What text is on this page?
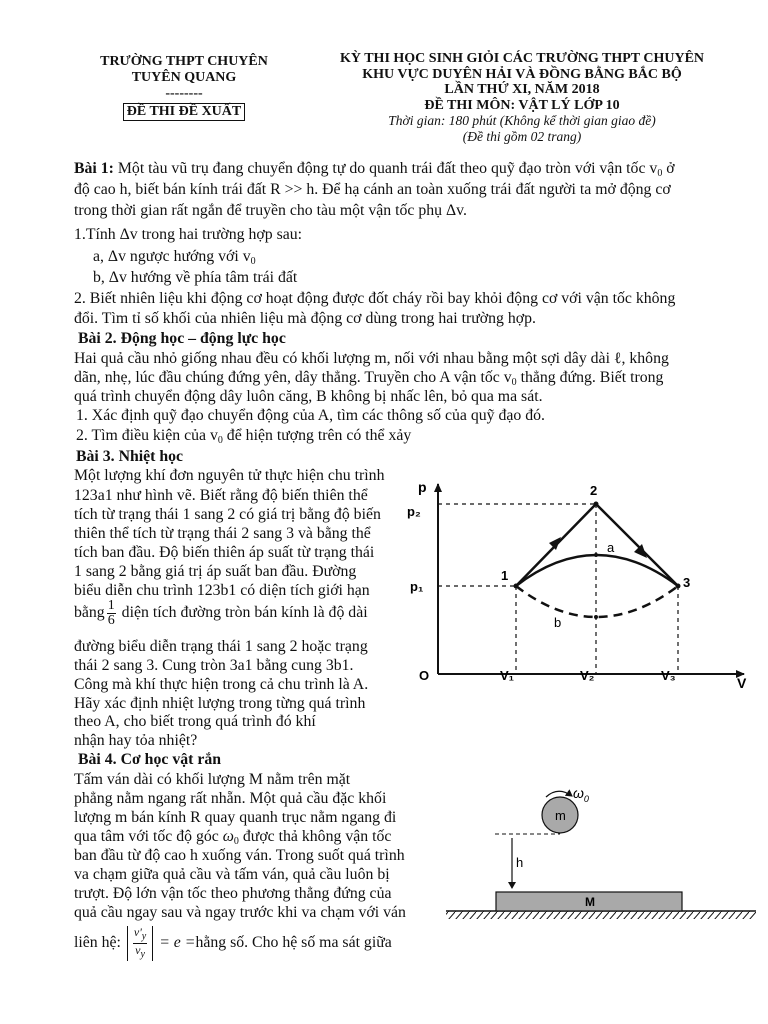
TRƯỜNG THPT CHUYÊN
TUYÊN QUANG
--------
ĐỀ THI ĐỀ XUẤT
KỲ THI HỌC SINH GIỎI CÁC TRƯỜNG THPT CHUYÊN
KHU VỰC DUYÊN HẢI VÀ ĐỒNG BẰNG BẮC BỘ
LẦN THỨ XI, NĂM 2018
ĐỀ THI MÔN: VẬT LÝ LỚP 10
Thời gian: 180 phút (Không kể thời gian giao đề)
(Đề thi gồm 02 trang)
Bài 1: Một tàu vũ trụ đang chuyển động tự do quanh trái đất theo quỹ đạo tròn với vận tốc $v_0$ ở
độ cao h, biết bán kính trái đất R >> h. Để hạ cánh an toàn xuống trái đất người ta mở động cơ
trong thời gian rất ngắn để truyền cho tàu một vận tốc phụ Δv.
1.Tính Δv trong hai trường hợp sau:
a, Δv ngược hướng với $v_0$
b, Δv hướng về phía tâm trái đất
2. Biết nhiên liệu khi động cơ hoạt động được đốt cháy rồi bay khỏi động cơ với vận tốc không
đổi. Tìm tỉ số khối của nhiên liệu mà động cơ dùng trong hai trường hợp.
Bài 2. Động học – động lực học
Hai quả cầu nhỏ giống nhau đều có khối lượng m, nối với nhau bằng một sợi dây dài ℓ, không
dãn, nhẹ, lúc đầu chúng đứng yên, dây thẳng. Truyền cho A vận tốc $v_0$ thẳng đứng. Biết trong
quá trình chuyển động dây luôn căng, B không bị nhấc lên, bỏ qua ma sát.
1. Xác định quỹ đạo chuyển động của A, tìm các thông số của quỹ đạo đó.
2. Tìm điều kiện của $v_0$ để hiện tượng trên có thể xảy
Bài 3. Nhiệt học
Một lượng khí đơn nguyên tử thực hiện chu trình
123a1 như hình vẽ. Biết rằng độ biến thiên thể
tích từ trạng thái 1 sang 2 có giá trị bằng độ biến
thiên thể tích từ trạng thái 2 sang 3 và bằng thể
tích ban đầu. Độ biến thiên áp suất từ trạng thái
1 sang 2 bằng giá trị áp suất ban đầu. Đường
biểu diễn chu trình 123b1 có diện tích giới hạn
bằng $\frac{1}{6}$ diện tích đường tròn bán kính là độ dài
đường biểu diễn trạng thái 1 sang 2 hoặc trạng
thái 2 sang 3. Cung tròn 3a1 bằng cung 3b1.
Công mà khí thực hiện trong cả chu trình là A.
Hãy xác định nhiệt lượng trong từng quá trình
theo A, cho biết trong quá trình đó khí
nhận hay tỏa nhiệt?
p
p₂
p₁
O	V₁	V₂	V₃	V
1
2
3
a
b
Bài 4. Cơ học vật rắn
Tấm ván dài có khối lượng M nằm trên mặt
phẳng nằm ngang rất nhẵn. Một quả cầu đặc khối
lượng m bán kính R quay quanh trục nằm ngang đi
qua tâm với tốc độ góc $\omega_0$ được thả không vận tốc
ban đầu từ độ cao h xuống ván. Trong suốt quá trình
va chạm giữa quả cầu và tấm ván, quả cầu luôn bị
trượt. Độ lớn vận tốc theo phương thẳng đứng của
quả cầu ngay sau và ngay trước khi va chạm với ván
liên hệ: $\frac{v'_y}{v_y} = e$ =hằng số. Cho hệ số ma sát giữa
M
m
$\omega_0$
h
